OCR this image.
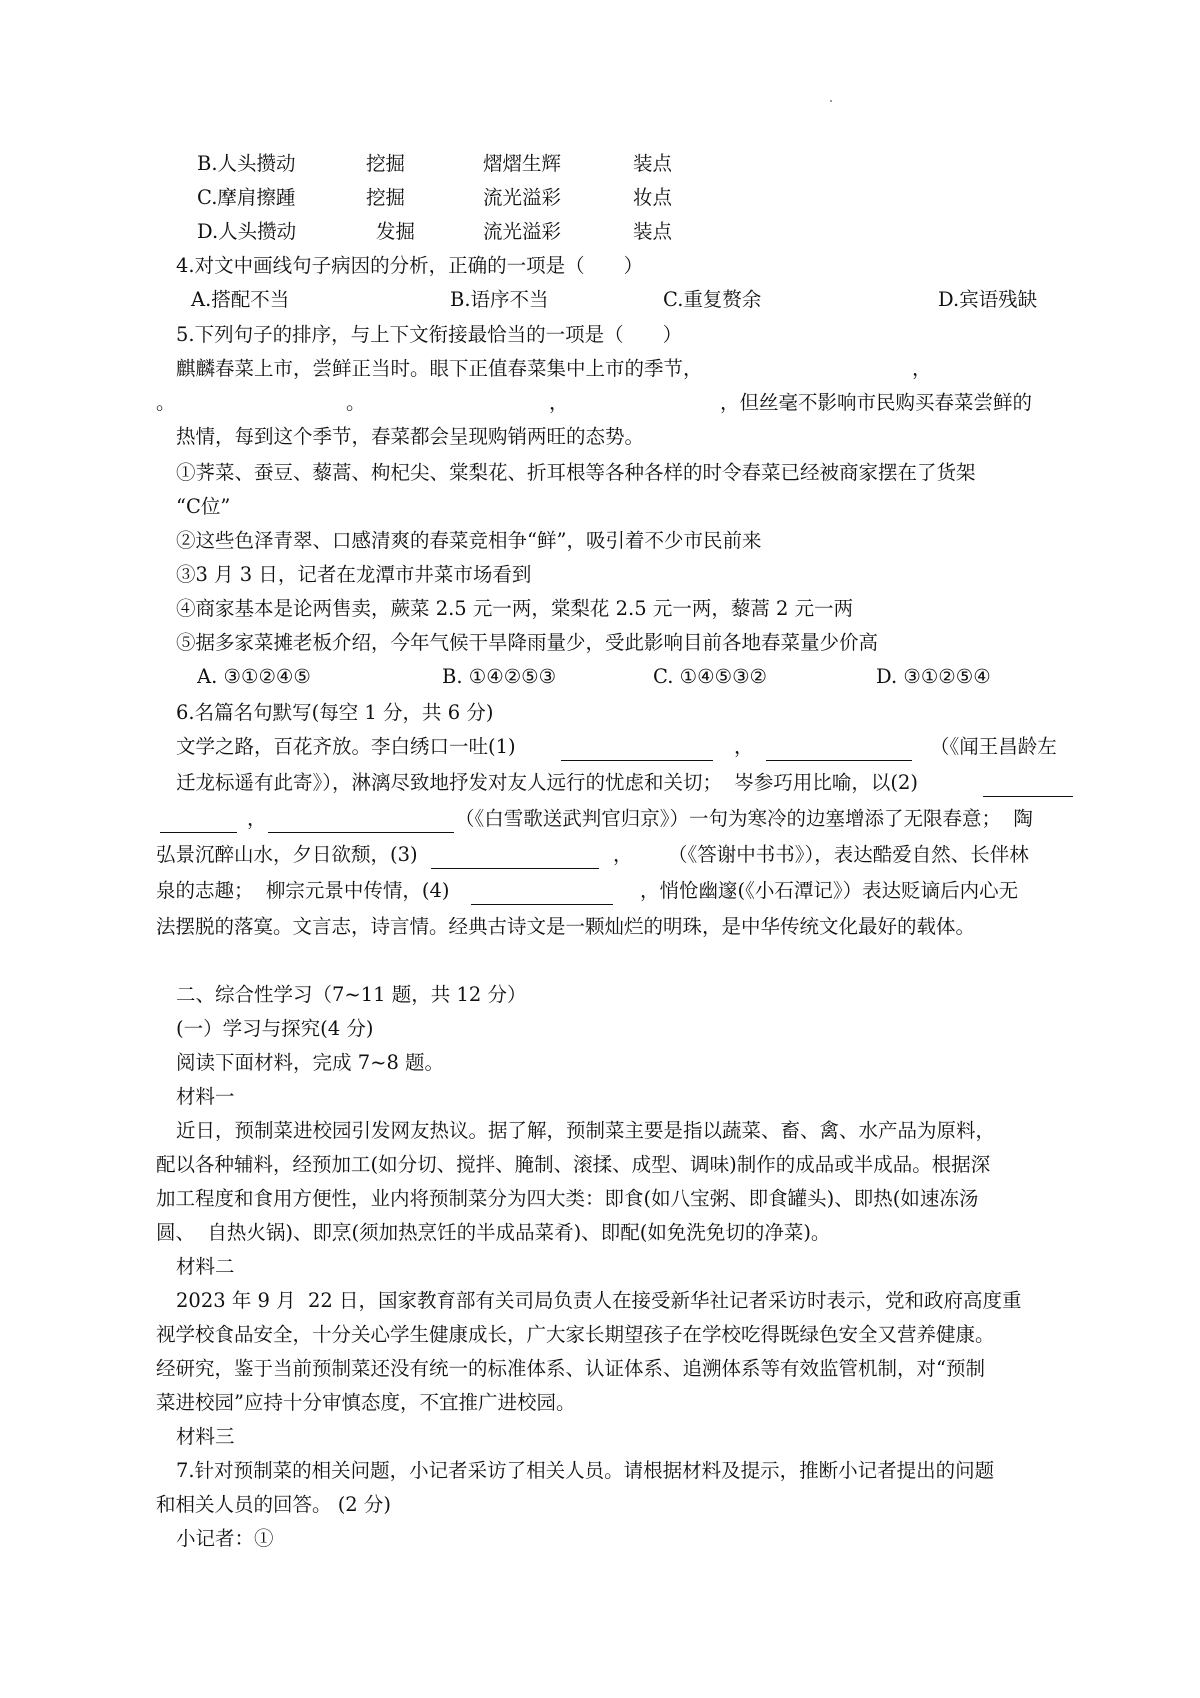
B.人头攒动	挖掘	熠熠生辉	装点
C.摩肩擦踵	挖掘	流光溢彩	妆点
D.人头攒动	发掘	流光溢彩	装点
4.对文中画线句子病因的分析，正确的一项是（　　）
A.搭配不当	B.语序不当	C.重复赘余	D.宾语残缺
5.下列句子的排序，与上下文衔接最恰当的一项是（　　）
麒麟春菜上市，尝鲜正当时。眼下正值春菜集中上市的季节，	，
。	。	，	，但丝毫不影响市民购买春菜尝鲜的
热情，每到这个季节，春菜都会呈现购销两旺的态势。
①荠菜、蚕豆、藜蒿、枸杞尖、棠梨花、折耳根等各种各样的时令春菜已经被商家摆在了货架
“C位”
②这些色泽青翠、口感清爽的春菜竞相争“鲜”，吸引着不少市民前来
③3 月 3 日，记者在龙潭市井菜市场看到
④商家基本是论两售卖，蕨菜 2.5 元一两，棠梨花 2.5 元一两，藜蒿 2 元一两
⑤据多家菜摊老板介绍，今年气候干旱降雨量少，受此影响目前各地春菜量少价高
A. ③①②④⑤	B. ①④②⑤③	C. ①④⑤③②	D. ③①②⑤④
6.名篇名句默写(每空 1 分，共 6 分)
文学之路，百花齐放。李白绣口一吐(1)	，	（《闻王昌龄左
迁龙标遥有此寄》），淋漓尽致地抒发对友人远行的忧虑和关切；  岑参巧用比喻，以(2)
，	（《白雪歌送武判官归京》）一句为寒冷的边塞增添了无限春意；  陶
弘景沉醉山水，夕日欲颓，(3)	， （《答谢中书书》），表达酷爱自然、长伴林
泉的志趣；  柳宗元景中传情，(4)	，悄怆幽邃(《小石潭记》）表达贬谪后内心无
法摆脱的落寞。文言志，诗言情。经典古诗文是一颗灿烂的明珠，是中华传统文化最好的载体。
二、综合性学习（7~11 题，共 12 分）
(一）学习与探究(4 分)
阅读下面材料，完成 7~8 题。
材料一
近日，预制菜进校园引发网友热议。据了解，预制菜主要是指以蔬菜、畜、禽、水产品为原料，
配以各种辅料，经预加工(如分切、搅拌、腌制、滚揉、成型、调味)制作的成品或半成品。根据深
加工程度和食用方便性，业内将预制菜分为四大类：即食(如八宝粥、即食罐头)、即热(如速冻汤
圆、  自热火锅)、即烹(须加热烹饪的半成品菜肴)、即配(如免洗免切的净菜)。
材料二
2023 年 9 月  22 日，国家教育部有关司局负责人在接受新华社记者采访时表示，党和政府高度重
视学校食品安全，十分关心学生健康成长，广大家长期望孩子在学校吃得既绿色安全又营养健康。
经研究，鉴于当前预制菜还没有统一的标准体系、认证体系、追溯体系等有效监管机制，对“预制
菜进校园”应持十分审慎态度，不宜推广进校园。
材料三
7.针对预制菜的相关问题，小记者采访了相关人员。请根据材料及提示，推断小记者提出的问题
和相关人员的回答。 (2 分)
小记者：①
